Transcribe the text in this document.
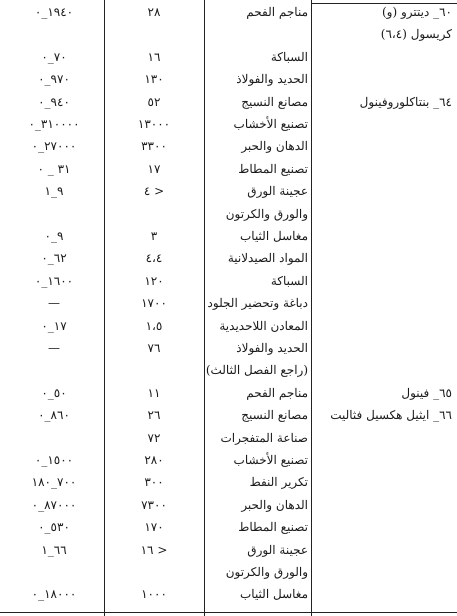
٦٠_ ديتترو (و)
مناجم الفحم
٢٨
١٩٤٠_٠
كريسول (٦،٤)
السباكة
١٦
٧٠_٠
الحديد والفولاذ
١٣٠
٩٧٠_٠
٦٤_ بنتاكلوروفينول
مصانع النسيج
٥٢
٩٤٠_٠
تصنيع الأخشاب
١٣٠٠٠
٣١٠٠٠٠_٠
الدهان والحبر
٣٣٠٠
٢٧٠٠٠_٠
تصنيع المطاط
١٧
٣١ _ ٠
عجينة الورق
٤ >
٩_١
والورق والكرتون
مغاسل الثياب
٣
٩_٠
المواد الصيدلانية
٤،٤
٦٢_٠
السباكة
١٢٠
١٦٠٠_٠
دباغة وتحضير الجلود
١٧٠٠
—
المعادن اللاحديدية
١،٥
١٧_٠
الحديد والفولاذ
٧٦
—
(راجع الفصل الثالث)
٦٥_ فينول
مناجم الفحم
١١
٥٠_٠
٦٦_ ايثيل هكسيل فثاليت
مصانع النسيج
٢٦
٨٦٠_٠
صناعة المتفجرات
٧٢
تصنيع الأخشاب
٢٨٠
١٥٠٠_٠
تكرير النفط
٣٠٠
٧٠٠_١٨٠
الدهان والحبر
٧٣٠٠
٨٧٠٠٠_٠
تصنيع المطاط
١٧٠
٥٣٠_٠
عجينة الورق
١٦ >
٦٦_١
والورق والكرتون
مغاسل الثياب
١٠٠٠
١٨٠٠٠_٠
